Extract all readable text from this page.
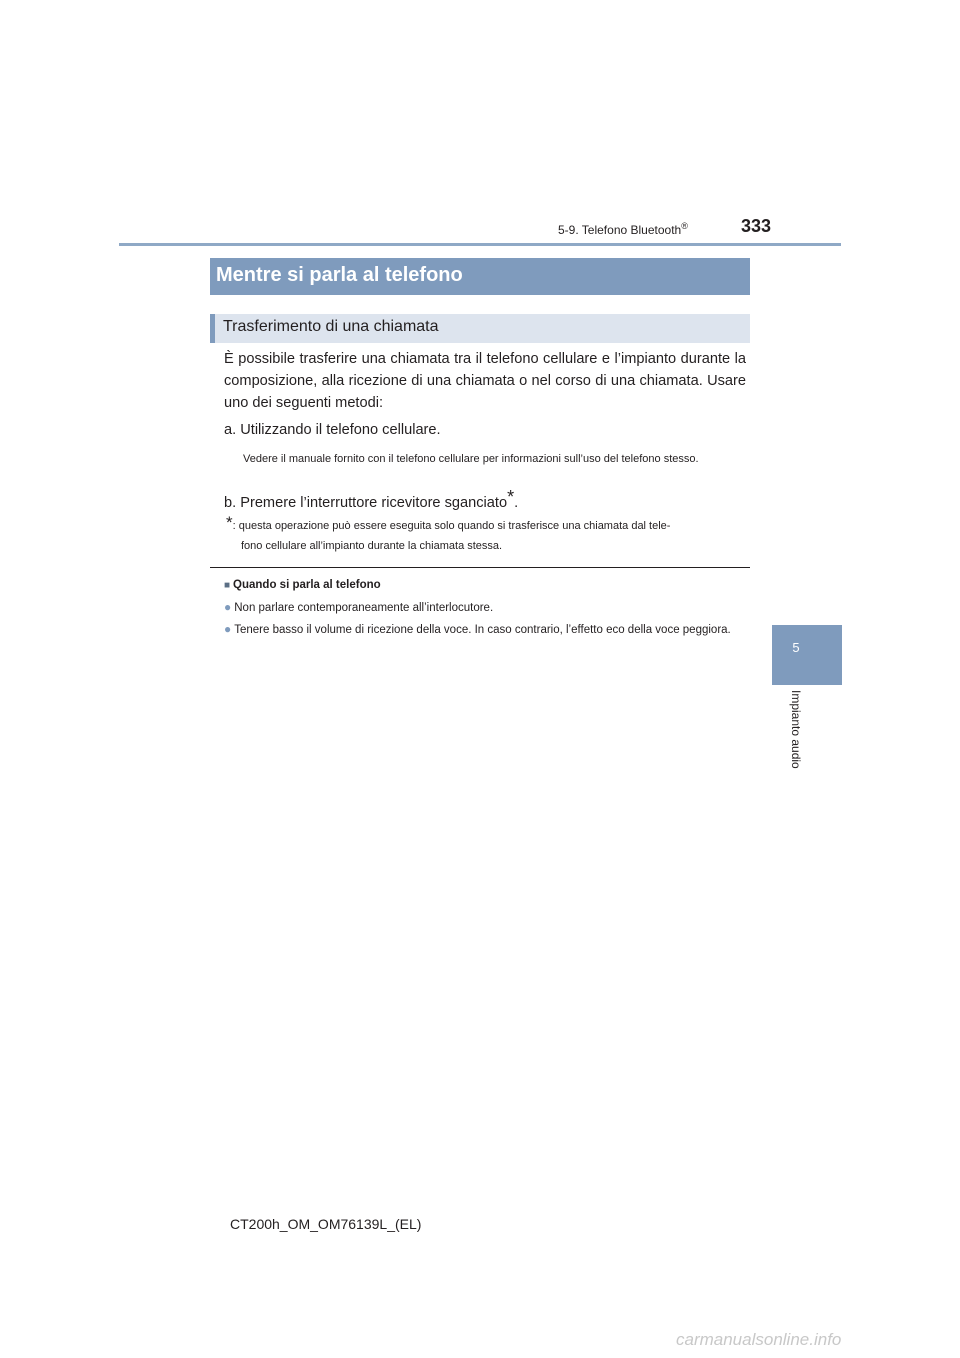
5-9. Telefono Bluetooth®	333
5
Impianto audio
Mentre si parla al telefono
Trasferimento di una chiamata
È possibile trasferire una chiamata tra il telefono cellulare e l’impianto durante la composizione, alla ricezione di una chiamata o nel corso di una chiamata. Usare uno dei seguenti metodi:
a. Utilizzando il telefono cellulare.
Vedere il manuale fornito con il telefono cellulare per informazioni sull’uso del telefono stesso.
b. Premere l’interruttore ricevitore sganciato*.
*: questa operazione può essere eseguita solo quando si trasferisce una chiamata dal tele-
fono cellulare all’impianto durante la chiamata stessa.
■ Quando si parla al telefono
● Non parlare contemporaneamente all’interlocutore.
● Tenere basso il volume di ricezione della voce. In caso contrario, l’effetto eco della voce peggiora.
CT200h_OM_OM76139L_(EL)
carmanualsonline.info
